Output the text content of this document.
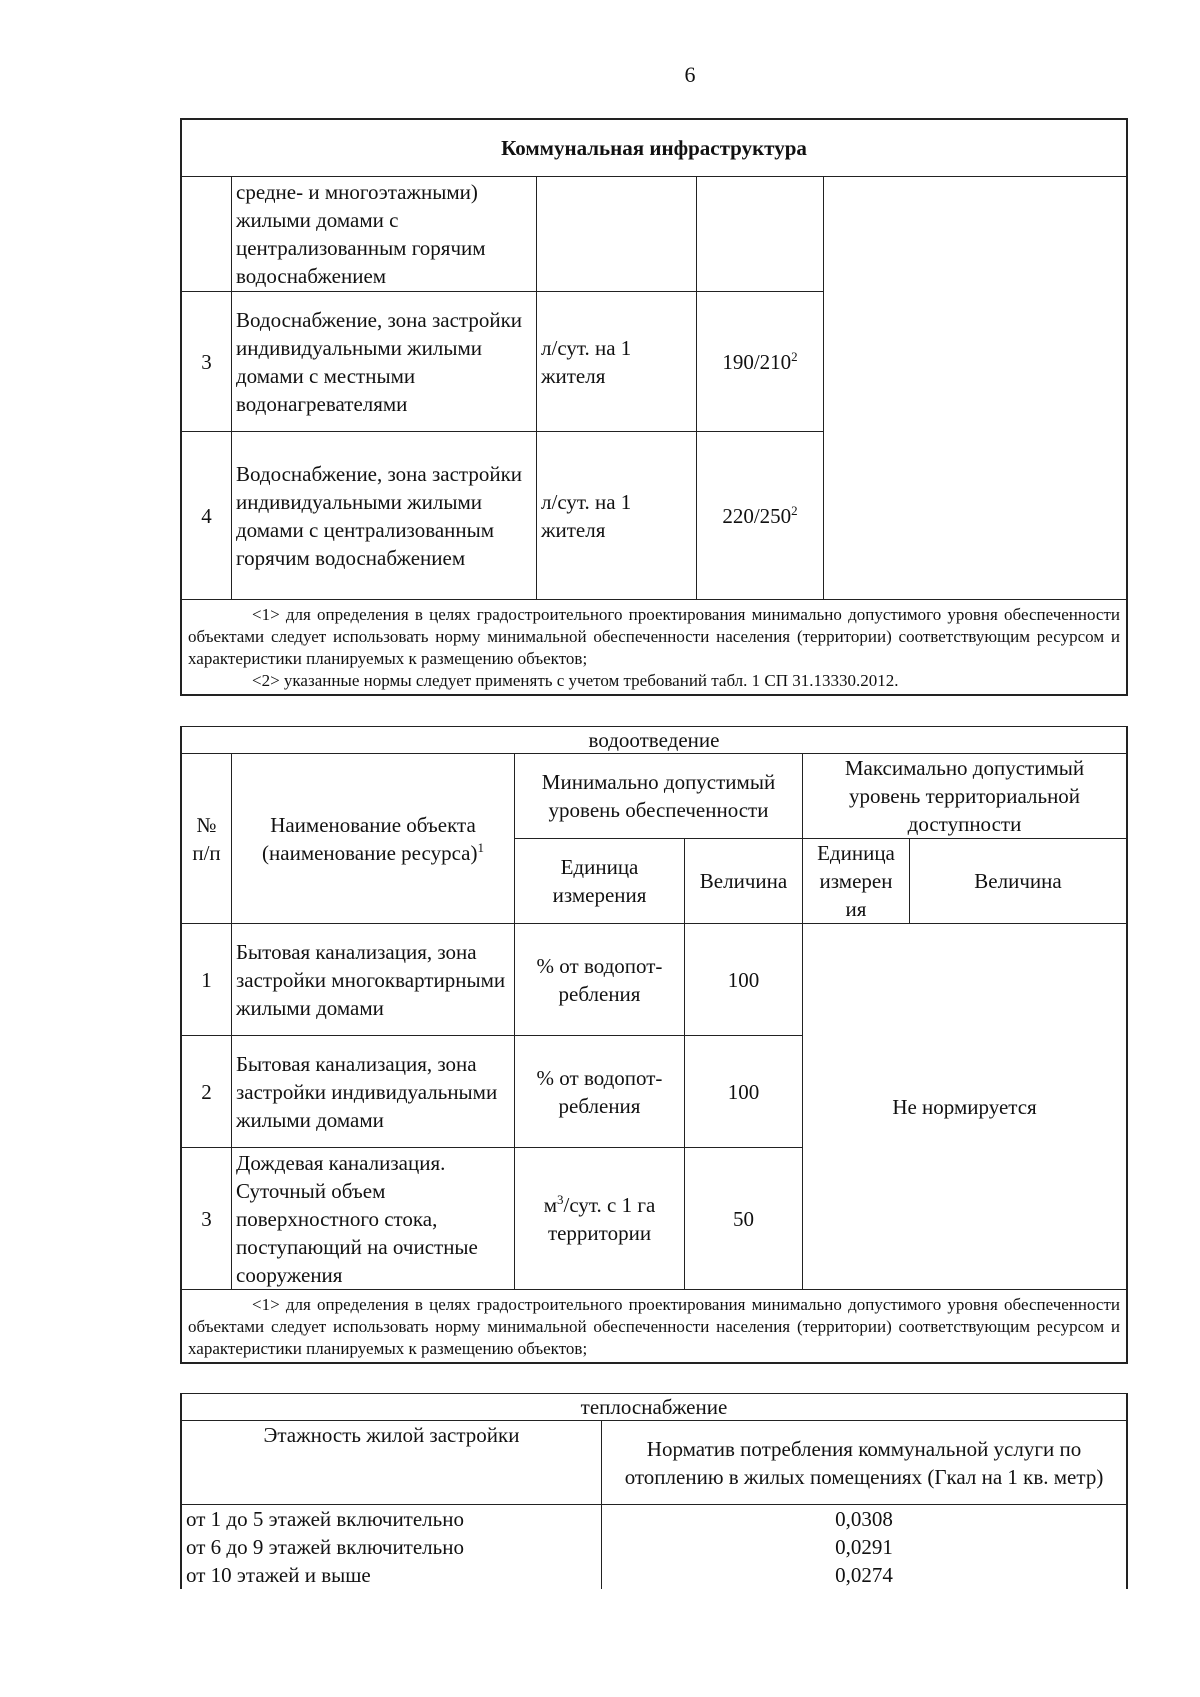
6
Коммунальная инфраструктура				
	средне- и многоэтажными) жилыми домами с централизованным горячим водоснабжением			
3	Водоснабжение, зона застройки индивидуальными жилыми домами с местными водонагревателями	л/сут. на 1 жителя	$190/210^2$
4	Водоснабжение, зона застройки индивидуальными жилыми домами с централизованным горячим водоснабжением	л/сут. на 1 жителя	$220/250^2$

<1> для определения в целях градостроительного проектирования минимально допустимого уровня обеспеченности объектами следует использовать норму минимальной обеспеченности населения (территории) соответствующим ресурсом и характеристики планируемых к размещению объектов;

<2> указанные нормы следует применять с учетом требований табл. 1 СП 31.13330.2012.				

водоотведение					
№ п/п	Наименование объекта (наименование ресурса)$^1$	Минимально допустимый уровень обеспеченности		Максимально допустимый уровень территориальной доступности	
		Единица измерения	Величина	Единица измерен ия	Величина
1	Бытовая канализация, зона застройки многоквартирными жилыми домами	% от водопот- ребления	100	Не нормируется	
2	Бытовая канализация, зона застройки индивидуальными жилыми домами	% от водопот- ребления	100		
3	Дождевая канализация. Суточный объем поверхностного стока, поступающий на очистные сооружения	$м^3$/сут. с 1 га территории	50		

<1> для определения в целях градостроительного проектирования минимально допустимого уровня обеспеченности объектами следует использовать норму минимальной обеспеченности населения (территории) соответствующим ресурсом и характеристики планируемых к размещению объектов;					

теплоснабжение	
Этажность жилой застройки	Норматив потребления коммунальной услуги по отоплению в жилых помещениях (Гкал на 1 кв. метр)
от 1 до 5 этажей включительно	0,0308
от 6 до 9 этажей включительно	0,0291
от 10 этажей и выше	0,0274
